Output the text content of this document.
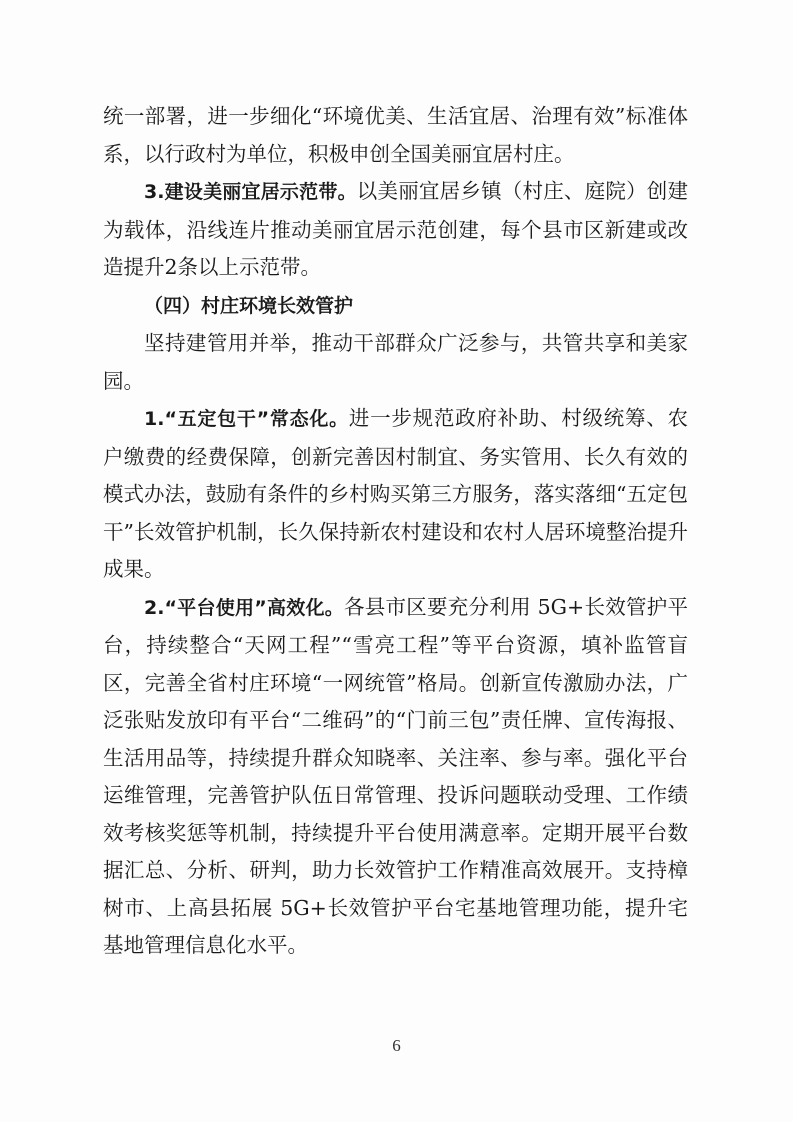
统一部署，进一步细化“环境优美、生活宜居、治理有效”标准体系，以行政村为单位，积极申创全国美丽宜居村庄。

3.建设美丽宜居示范带。以美丽宜居乡镇（村庄、庭院）创建为载体，沿线连片推动美丽宜居示范创建，每个县市区新建或改造提升2条以上示范带。

（四）村庄环境长效管护

坚持建管用并举，推动干部群众广泛参与，共管共享和美家园。

1.“五定包干”常态化。进一步规范政府补助、村级统筹、农户缴费的经费保障，创新完善因村制宜、务实管用、长久有效的模式办法，鼓励有条件的乡村购买第三方服务，落实落细“五定包干”长效管护机制，长久保持新农村建设和农村人居环境整治提升成果。

2.“平台使用”高效化。各县市区要充分利用 5G+长效管护平台，持续整合“天网工程”“雪亮工程”等平台资源，填补监管盲区，完善全省村庄环境“一网统管”格局。创新宣传激励办法，广泛张贴发放印有平台“二维码”的“门前三包”责任牌、宣传海报、生活用品等，持续提升群众知晓率、关注率、参与率。强化平台运维管理，完善管护队伍日常管理、投诉问题联动受理、工作绩效考核奖惩等机制，持续提升平台使用满意率。定期开展平台数据汇总、分析、研判，助力长效管护工作精准高效展开。支持樟树市、上高县拓展 5G+长效管护平台宅基地管理功能，提升宅基地管理信息化水平。

6
